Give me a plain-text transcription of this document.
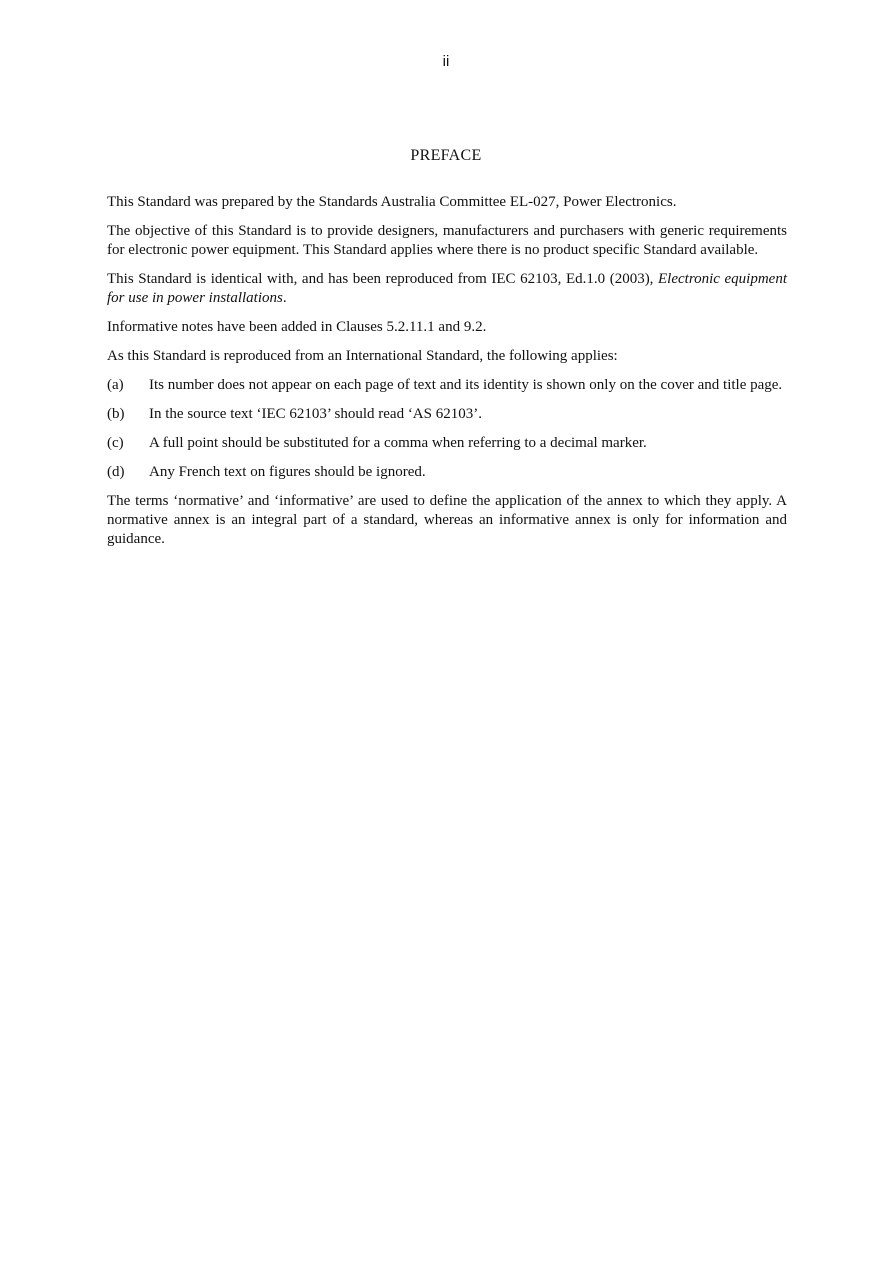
ii
PREFACE

This Standard was prepared by the Standards Australia Committee EL-027, Power Electronics.

The objective of this Standard is to provide designers, manufacturers and purchasers with generic requirements for electronic power equipment. This Standard applies where there is no product specific Standard available.

This Standard is identical with, and has been reproduced from IEC 62103, Ed.1.0 (2003), Electronic equipment for use in power installations.

Informative notes have been added in Clauses 5.2.11.1 and 9.2.

As this Standard is reproduced from an International Standard, the following applies:

(a)	Its number does not appear on each page of text and its identity is shown only on the cover and title page.
(b)	In the source text ‘IEC 62103’ should read ‘AS 62103’.
(c)	A full point should be substituted for a comma when referring to a decimal marker.
(d)	Any French text on figures should be ignored.

The terms ‘normative’ and ‘informative’ are used to define the application of the annex to which they apply. A normative annex is an integral part of a standard, whereas an informative annex is only for information and guidance.
